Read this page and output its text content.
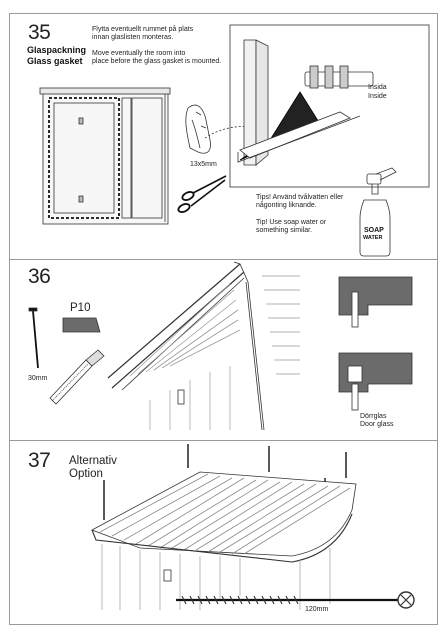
35
Glaspackning
Glass gasket
Flytta eventuellt rummet på plats
innan glaslisten monteras.
Move eventually the room into
place before the glass gasket is mounted.
Insida
Inside
13x5mm
Tips! Använd tvålvatten eller
någonting liknande.
Tip! Use soap water or
something similar.	SOAP
WATER
36
P10
30mm
Dörrglas
Door glass
37 Alternativ
Option
120mm
